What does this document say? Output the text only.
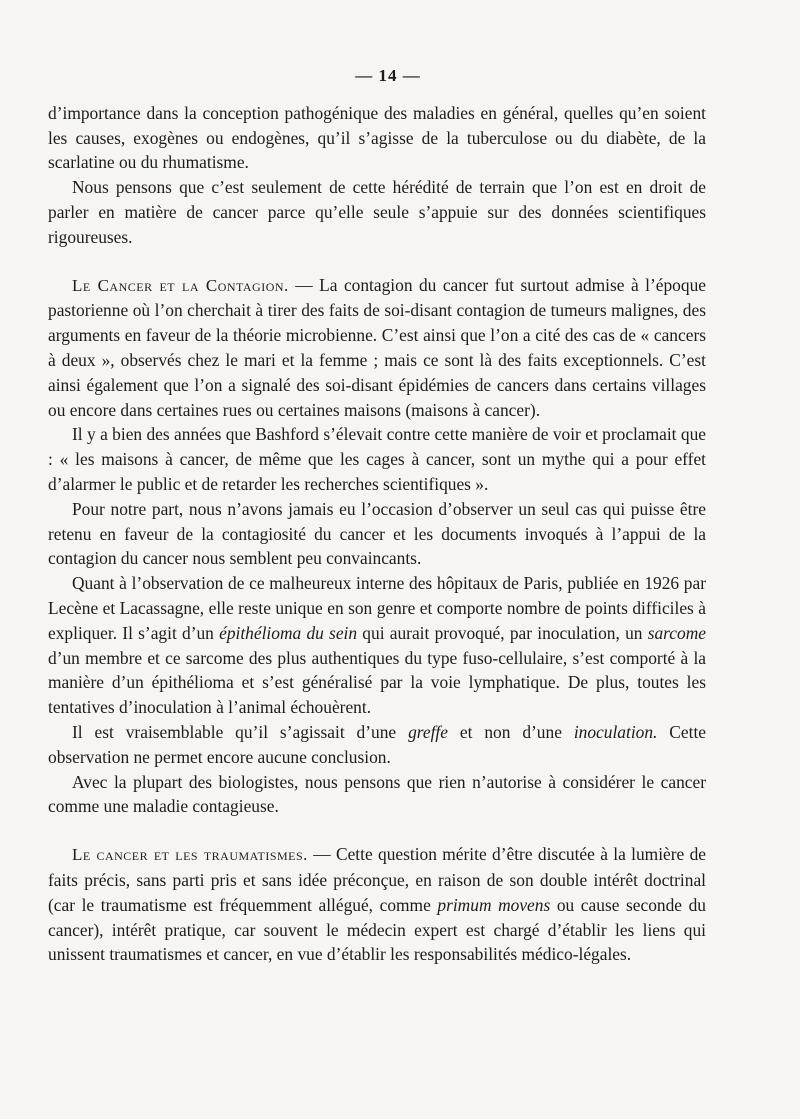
— 14 —

d’importance dans la conception pathogénique des maladies en général, quelles qu’en soient les causes, exogènes ou endogènes, qu’il s’agisse de la tuberculose ou du diabète, de la scarlatine ou du rhumatisme.

Nous pensons que c’est seulement de cette hérédité de terrain que l’on est en droit de parler en matière de cancer parce qu’elle seule s’appuie sur des données scientifiques rigoureuses.

Le Cancer et la Contagion. — La contagion du cancer fut surtout admise à l’époque pastorienne où l’on cherchait à tirer des faits de soi-disant contagion de tumeurs malignes, des arguments en faveur de la théorie microbienne. C’est ainsi que l’on a cité des cas de « cancers à deux », observés chez le mari et la femme ; mais ce sont là des faits exceptionnels. C’est ainsi également que l’on a signalé des soi-disant épidémies de cancers dans certains villages ou encore dans certaines rues ou certaines maisons (maisons à cancer).

Il y a bien des années que Bashford s’élevait contre cette manière de voir et proclamait que : « les maisons à cancer, de même que les cages à cancer, sont un mythe qui a pour effet d’alarmer le public et de retarder les recherches scientifiques ».

Pour notre part, nous n’avons jamais eu l’occasion d’observer un seul cas qui puisse être retenu en faveur de la contagiosité du cancer et les documents invoqués à l’appui de la contagion du cancer nous semblent peu convaincants.

Quant à l’observation de ce malheureux interne des hôpitaux de Paris, publiée en 1926 par Lecène et Lacassagne, elle reste unique en son genre et comporte nombre de points difficiles à expliquer. Il s’agit d’un épithélioma du sein qui aurait provoqué, par inoculation, un sarcome d’un membre et ce sarcome des plus authentiques du type fuso-cellulaire, s’est comporté à la manière d’un épithélioma et s’est généralisé par la voie lymphatique. De plus, toutes les tentatives d’inoculation à l’animal échouèrent.

Il est vraisemblable qu’il s’agissait d’une greffe et non d’une inoculation. Cette observation ne permet encore aucune conclusion.

Avec la plupart des biologistes, nous pensons que rien n’autorise à considérer le cancer comme une maladie contagieuse.

Le cancer et les traumatismes. — Cette question mérite d’être discutée à la lumière de faits précis, sans parti pris et sans idée préconçue, en raison de son double intérêt doctrinal (car le traumatisme est fréquemment allégué, comme primum movens ou cause seconde du cancer), intérêt pratique, car souvent le médecin expert est chargé d’établir les liens qui unissent traumatismes et cancer, en vue d’établir les responsabilités médico-légales.
